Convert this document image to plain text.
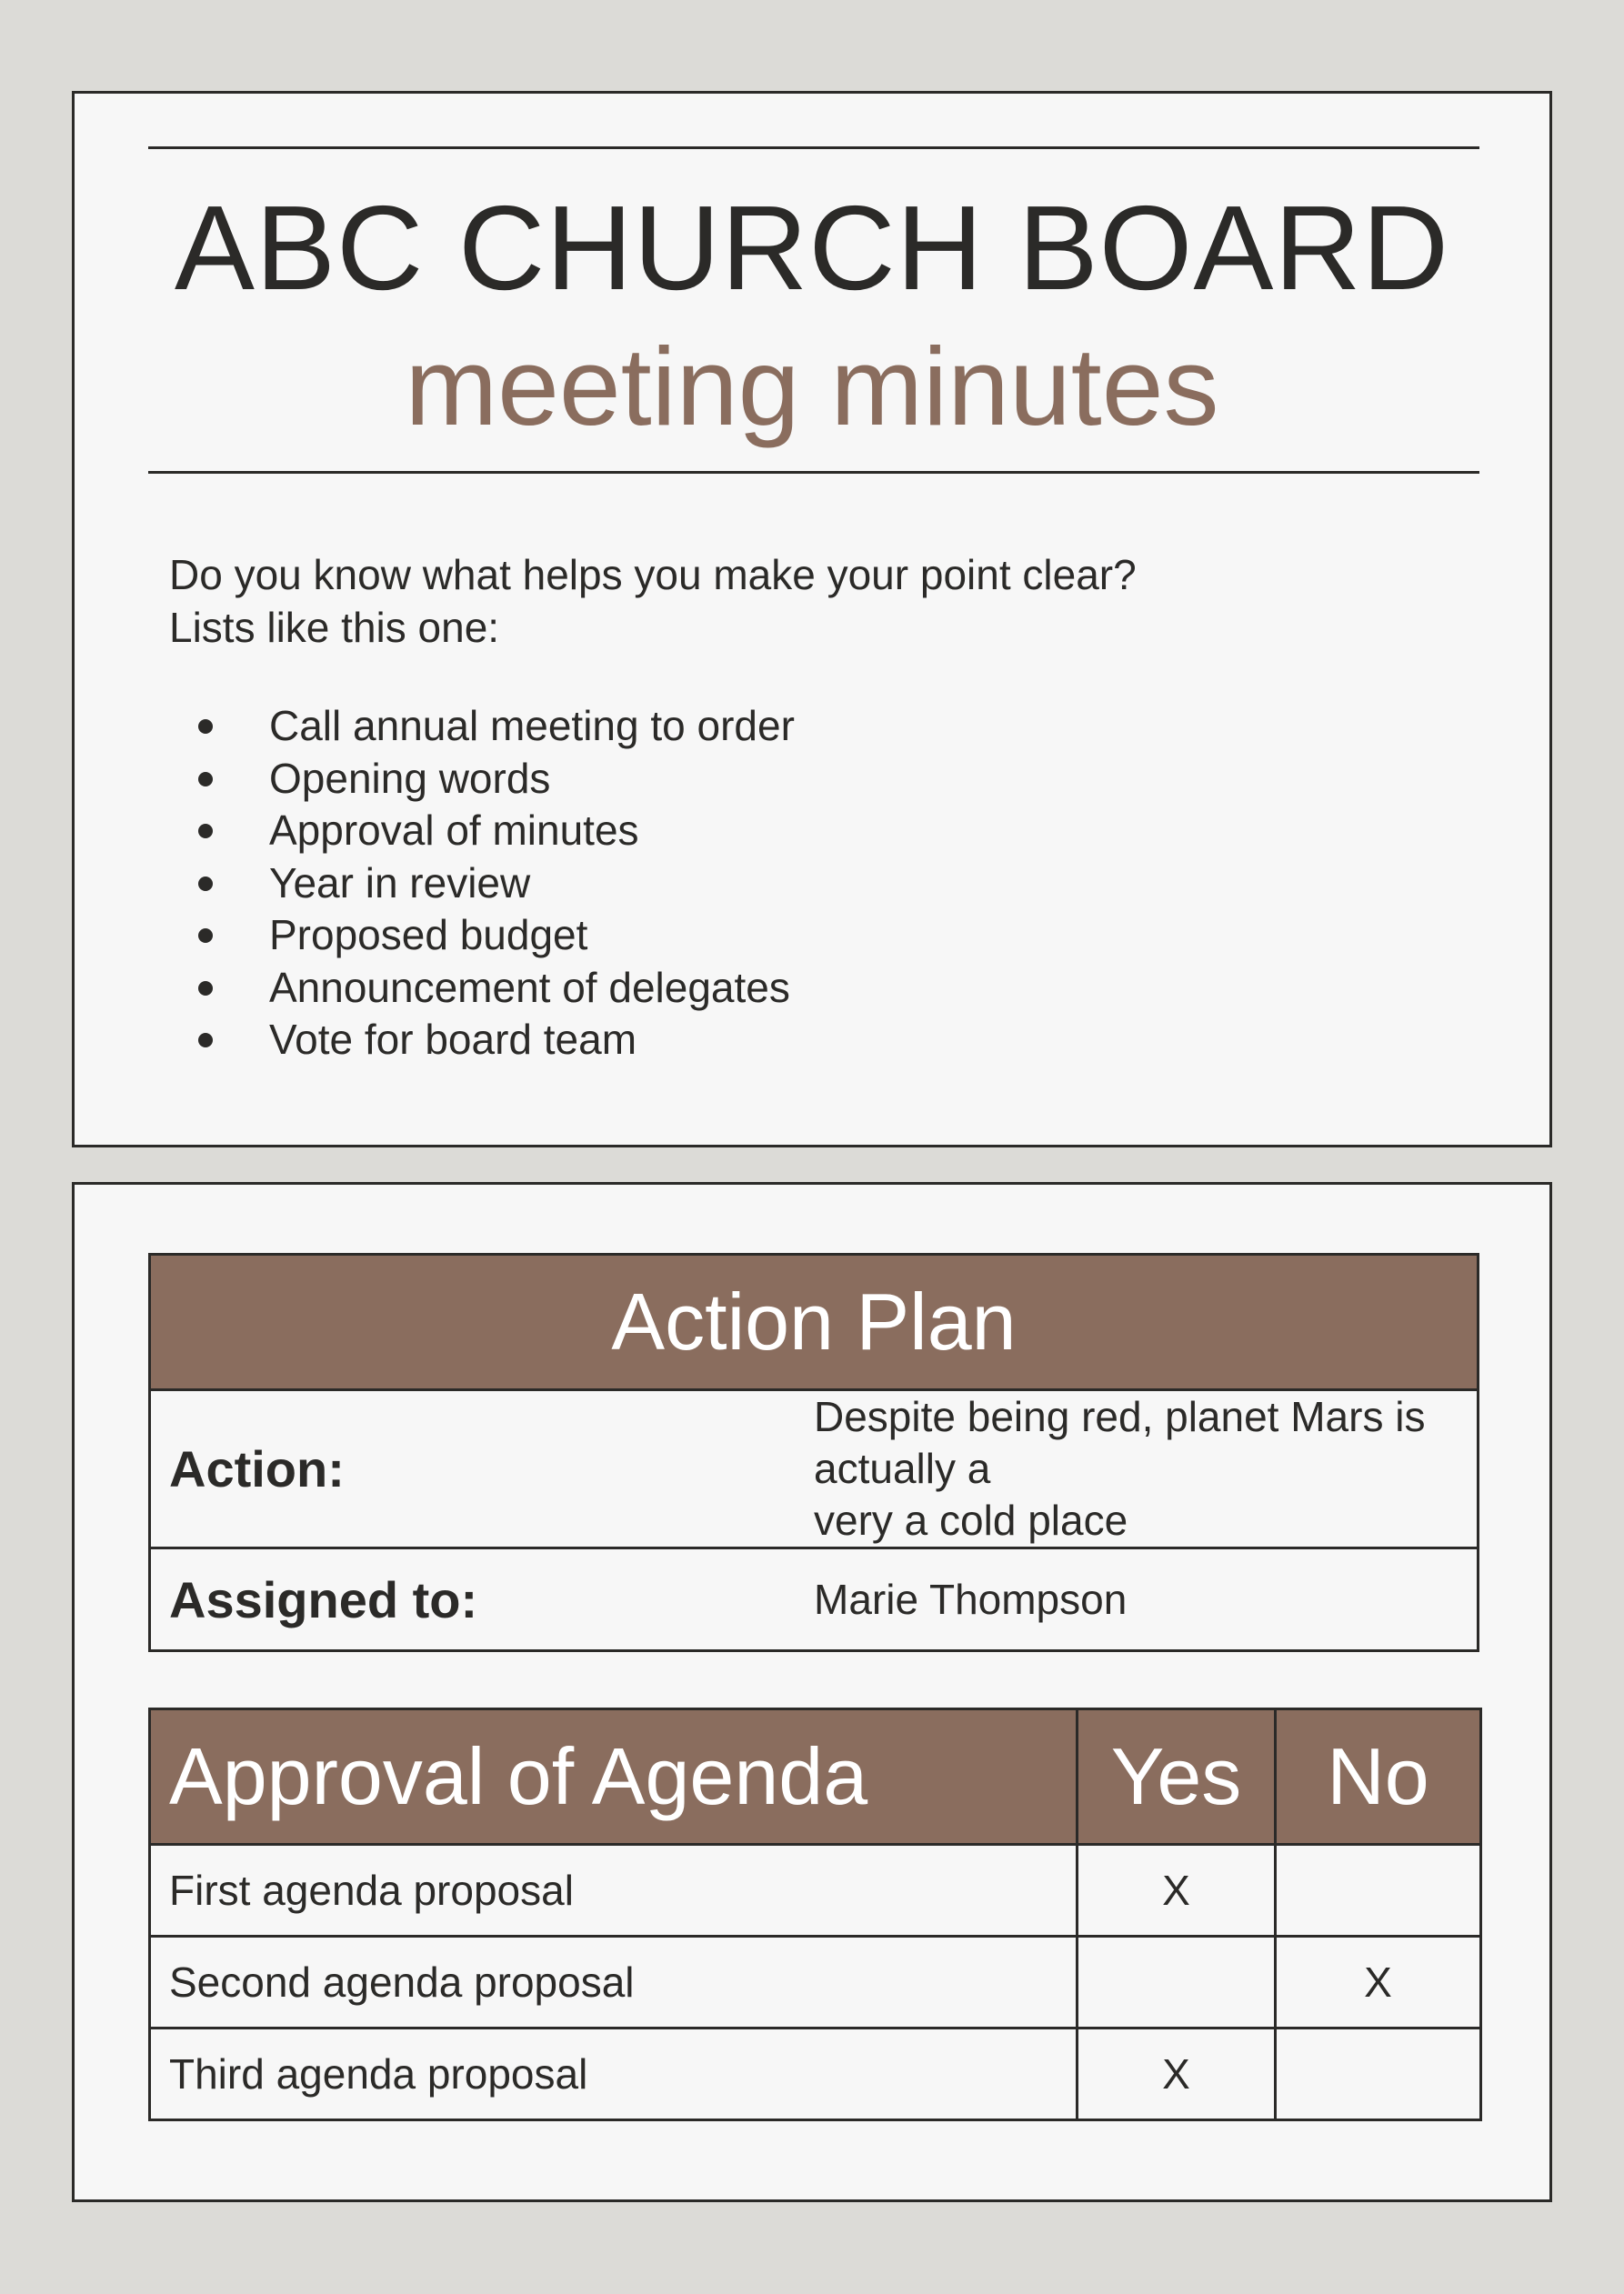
ABC CHURCH BOARD
meeting minutes
Do you know what helps you make your point clear?
Lists like this one:
Call annual meeting to order
Opening words
Approval of minutes
Year in review
Proposed budget
Announcement of delegates
Vote for board team
Action Plan	
Action:	Despite being red, planet Mars is actually a
very a cold place

Assigned to:	Marie Thompson
Approval of Agenda	Yes	No
First agenda proposal	X	
Second agenda proposal		X
Third agenda proposal	X	
